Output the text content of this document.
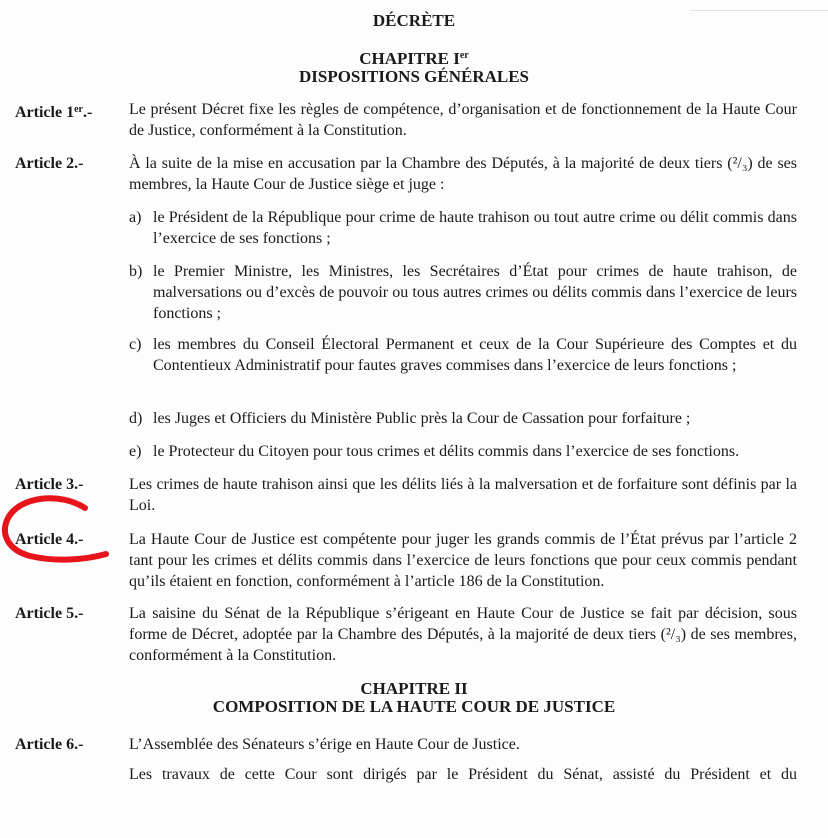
DÉCRÈTE
CHAPITRE Ier
DISPOSITIONS GÉNÉRALES
Article 1er.- Le présent Décret fixe les règles de compétence, d’organisation et de fonctionnement de la Haute Cour de Justice, conformément à la Constitution.
Article 2.-	À la suite de la mise en accusation par la Chambre des Députés, à la majorité de deux tiers (²/₃) de ses membres, la Haute Cour de Justice siège et juge :
a) le Président de la République pour crime de haute trahison ou tout autre crime ou délit commis dans l’exercice de ses fonctions ;
b) le Premier Ministre, les Ministres, les Secrétaires d’État pour crimes de haute trahison, de malversations ou d’excès de pouvoir ou tous autres crimes ou délits commis dans l’exercice de leurs fonctions ;
c) les membres du Conseil Électoral Permanent et ceux de la Cour Supérieure des Comptes et du Contentieux Administratif pour fautes graves commises dans l’exercice de leurs fonctions ;
d) les Juges et Officiers du Ministère Public près la Cour de Cassation pour forfaiture ;
e) le Protecteur du Citoyen pour tous crimes et délits commis dans l’exercice de ses fonctions.
Article 3.-	Les crimes de haute trahison ainsi que les délits liés à la malversation et de forfaiture sont définis par la Loi.
Article 4.-	La Haute Cour de Justice est compétente pour juger les grands commis de l’État prévus par l’article 2 tant pour les crimes et délits commis dans l’exercice de leurs fonctions que pour ceux commis pendant qu’ils étaient en fonction, conformément à l’article 186 de la Constitution.
Article 5.-	La saisine du Sénat de la République s’érigeant en Haute Cour de Justice se fait par décision, sous forme de Décret, adoptée par la Chambre des Députés, à la majorité de deux tiers (²/₃) de ses membres, conformément à la Constitution.
CHAPITRE II
COMPOSITION DE LA HAUTE COUR DE JUSTICE
Article 6.-	L’Assemblée des Sénateurs s’érige en Haute Cour de Justice.
Les travaux de cette Cour sont dirigés par le Président du Sénat, assisté du Président et du
